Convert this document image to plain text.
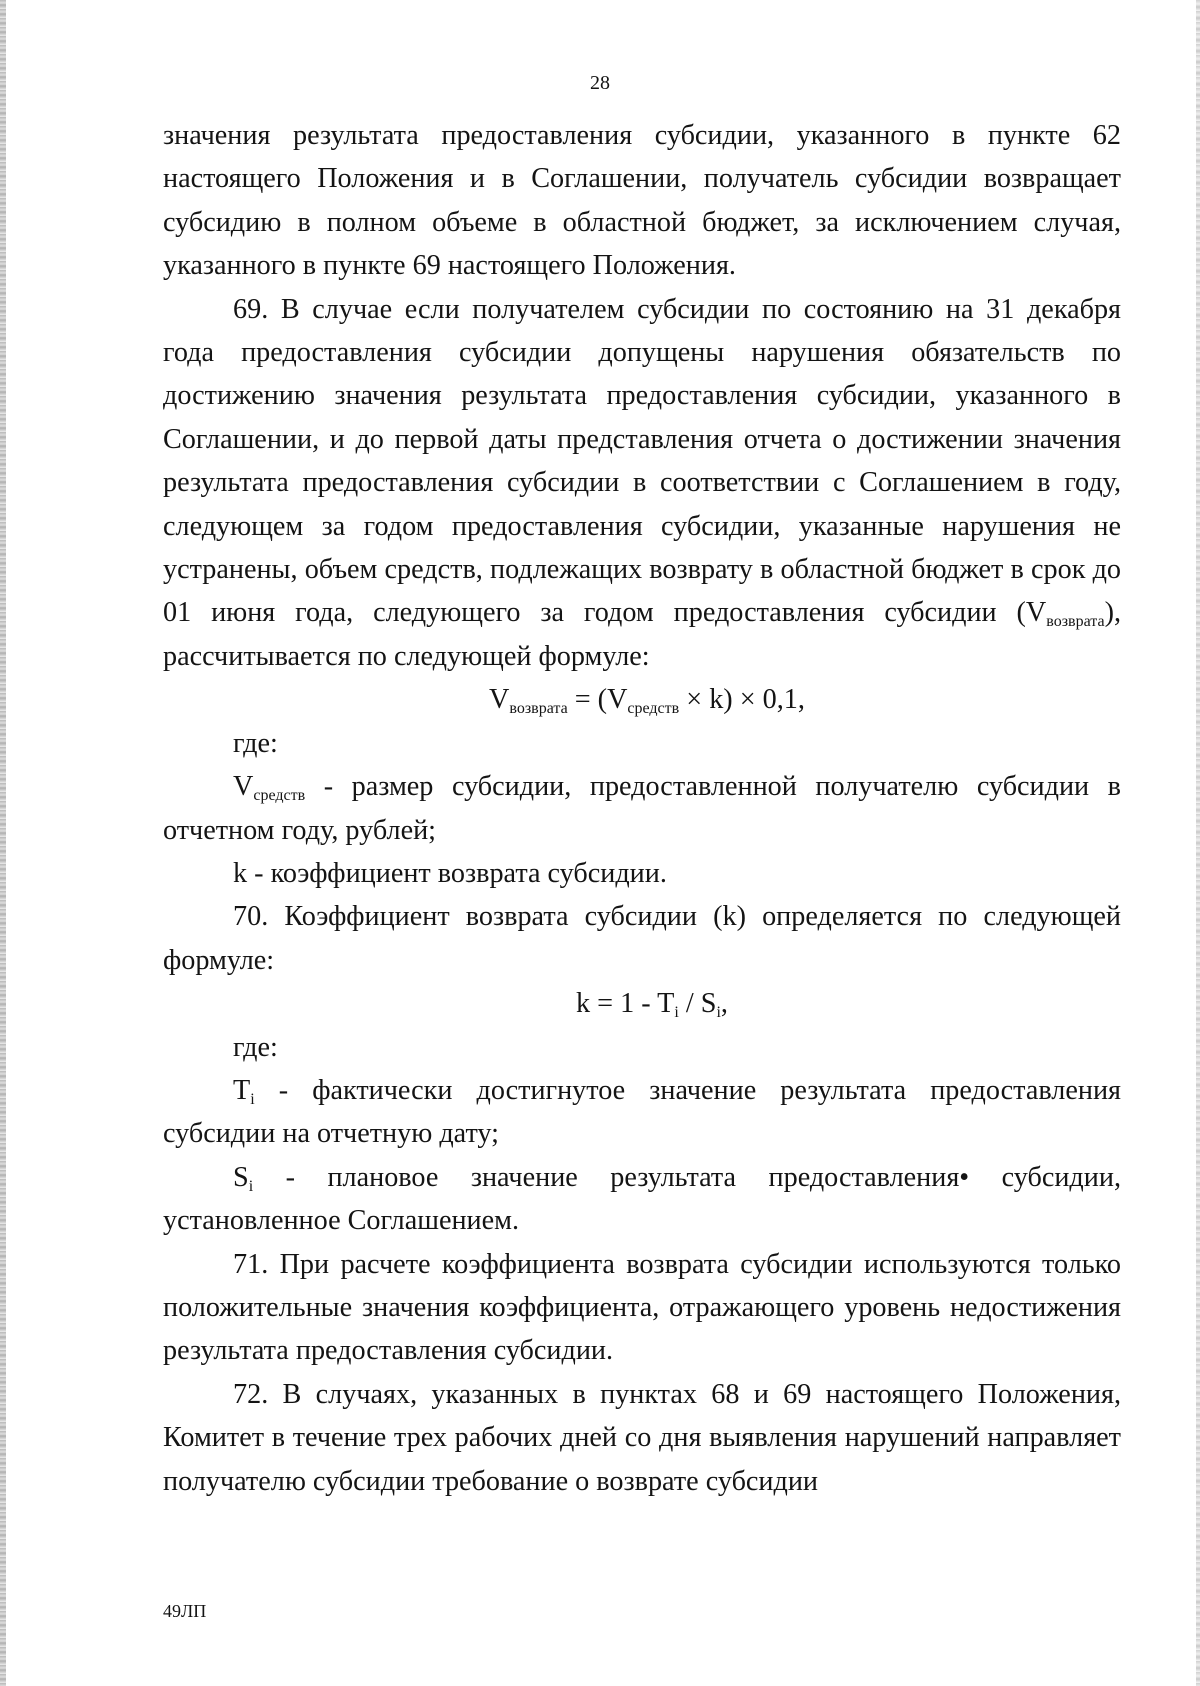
28

значения результата предоставления субсидии, указанного в пункте 62 настоящего Положения и в Соглашении, получатель субсидии возвращает субсидию в полном объеме в областной бюджет, за исключением случая, указанного в пункте 69 настоящего Положения.

69. В случае если получателем субсидии по состоянию на 31 декабря года предоставления субсидии допущены нарушения обязательств по достижению значения результата предоставления субсидии, указанного в Соглашении, и до первой даты представления отчета о достижении значения результата предоставления субсидии в соответствии с Соглашением в году, следующем за годом предоставления субсидии, указанные нарушения не устранены, объем средств, подлежащих возврату в областной бюджет в срок до 01 июня года, следующего за годом предоставления субсидии $(V_{возврата})$, рассчитывается по следующей формуле:

$V_{возврата} = (V_{средств} \times k) \times 0,1$,

где:

$V_{средств}$ - размер субсидии, предоставленной получателю субсидии в отчетном году, рублей;

k - коэффициент возврата субсидии.

70. Коэффициент возврата субсидии (k) определяется по следующей формуле:

$k = 1 - T_i / S_i$,

где:

$T_i$ - фактически достигнутое значение результата предоставления субсидии на отчетную дату;

$S_i$ - плановое значение результата предоставления• субсидии, установленное Соглашением.

71. При расчете коэффициента возврата субсидии используются только положительные значения коэффициента, отражающего уровень недостижения результата предоставления субсидии.

72. В случаях, указанных в пунктах 68 и 69 настоящего Положения, Комитет в течение трех рабочих дней со дня выявления нарушений направляет получателю субсидии требование о возврате субсидии

49ЛП
